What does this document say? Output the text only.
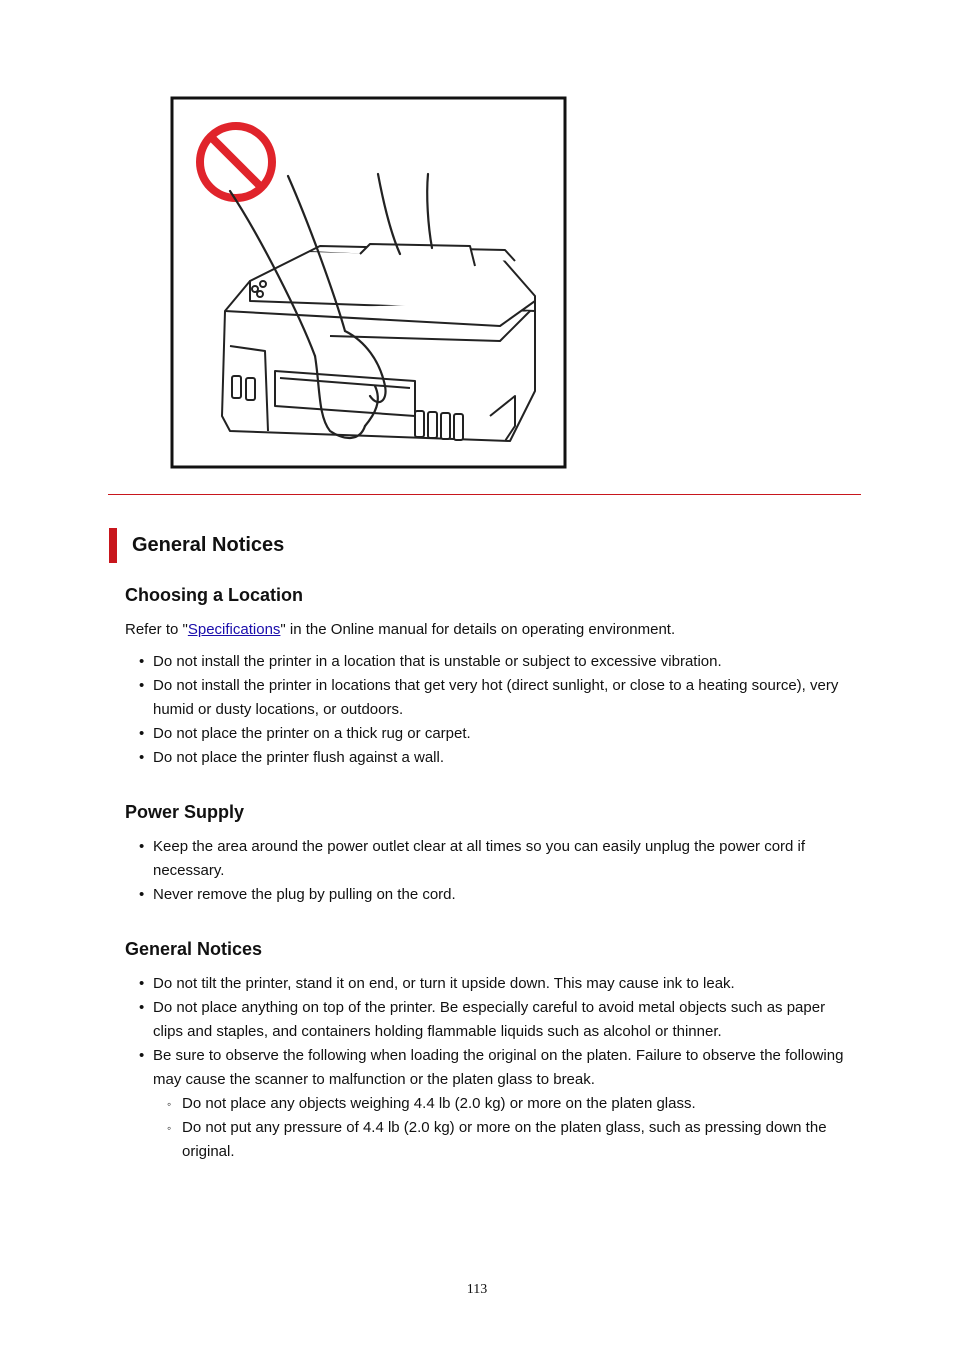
General Notices
Choosing a Location

Refer to "Specifications" in the Online manual for details on operating environment.

• Do not install the printer in a location that is unstable or subject to excessive vibration.
• Do not install the printer in locations that get very hot (direct sunlight, or close to a heating source), very humid or dusty locations, or outdoors.
• Do not place the printer on a thick rug or carpet.
• Do not place the printer flush against a wall.
Power Supply
• Keep the area around the power outlet clear at all times so you can easily unplug the power cord if necessary.
• Never remove the plug by pulling on the cord.
General Notices
• Do not tilt the printer, stand it on end, or turn it upside down. This may cause ink to leak.
• Do not place anything on top of the printer. Be especially careful to avoid metal objects such as paper clips and staples, and containers holding flammable liquids such as alcohol or thinner.
• Be sure to observe the following when loading the original on the platen. Failure to observe the following may cause the scanner to malfunction or the platen glass to break.
◦ Do not place any objects weighing 4.4 lb (2.0 kg) or more on the platen glass.
◦ Do not put any pressure of 4.4 lb (2.0 kg) or more on the platen glass, such as pressing down the original.
113
